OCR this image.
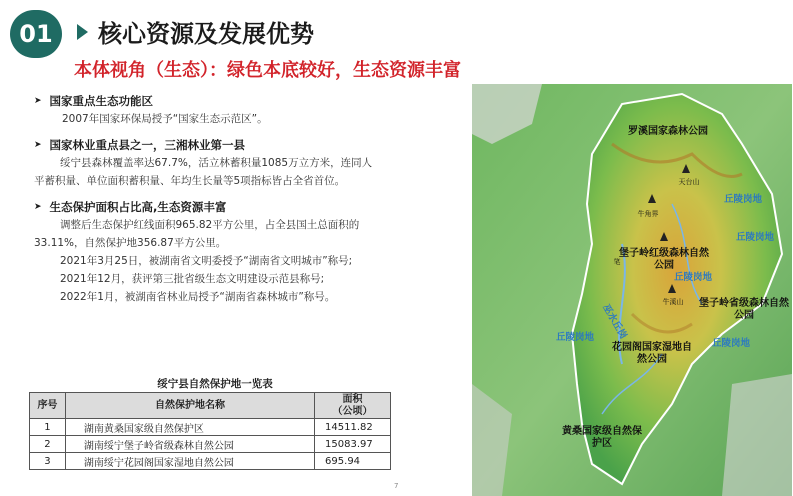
01	核心资源及发展优势
本体视角（生态）：绿色本底较好，生态资源丰富
➤ 国家重点生态功能区
2007年国家环保局授予“国家生态示范区”。
➤ 国家林业重点县之一，三湘林业第一县
绥宁县森林覆盖率达67.7%，活立林蓄积量1085万立方米，连同人
平蓄积量、单位面积蓄积量、年均生长量等5项指标皆占全省首位。
➤ 生态保护面积占比高,生态资源丰富
调整后生态保护红线面积965.82平方公里，占全县国土总面积的
33.11%，自然保护地356.87平方公里。
2021年3月25日，被湖南省文明委授予“湖南省文明城市”称号;
2021年12月，获评第三批省级生态文明建设示范县称号;
2022年1月，被湖南省林业局授予“湖南省森林城市”称号。
绥宁县自然保护地一览表
序号	自然保护地名称	面积
（公顷）
1	湖南黄桑国家级自然保护区	14511.82
2	湖南绥宁堡子岭省级森林自然公园	15083.97
3	湖南绥宁花园阁国家湿地自然公园	695.94
7
罗溪国家森林公园
天台山
牛角界
丘陵岗地
丘陵岗地
堡子岭红级森林自然公园
笔
丘陵岗地
牛溪山	堡子岭省级森林自然公园
巫水丘岗
丘陵岗地
丘陵岗地
花园阁国家湿地自然公园
黄桑国家级自然保护区
